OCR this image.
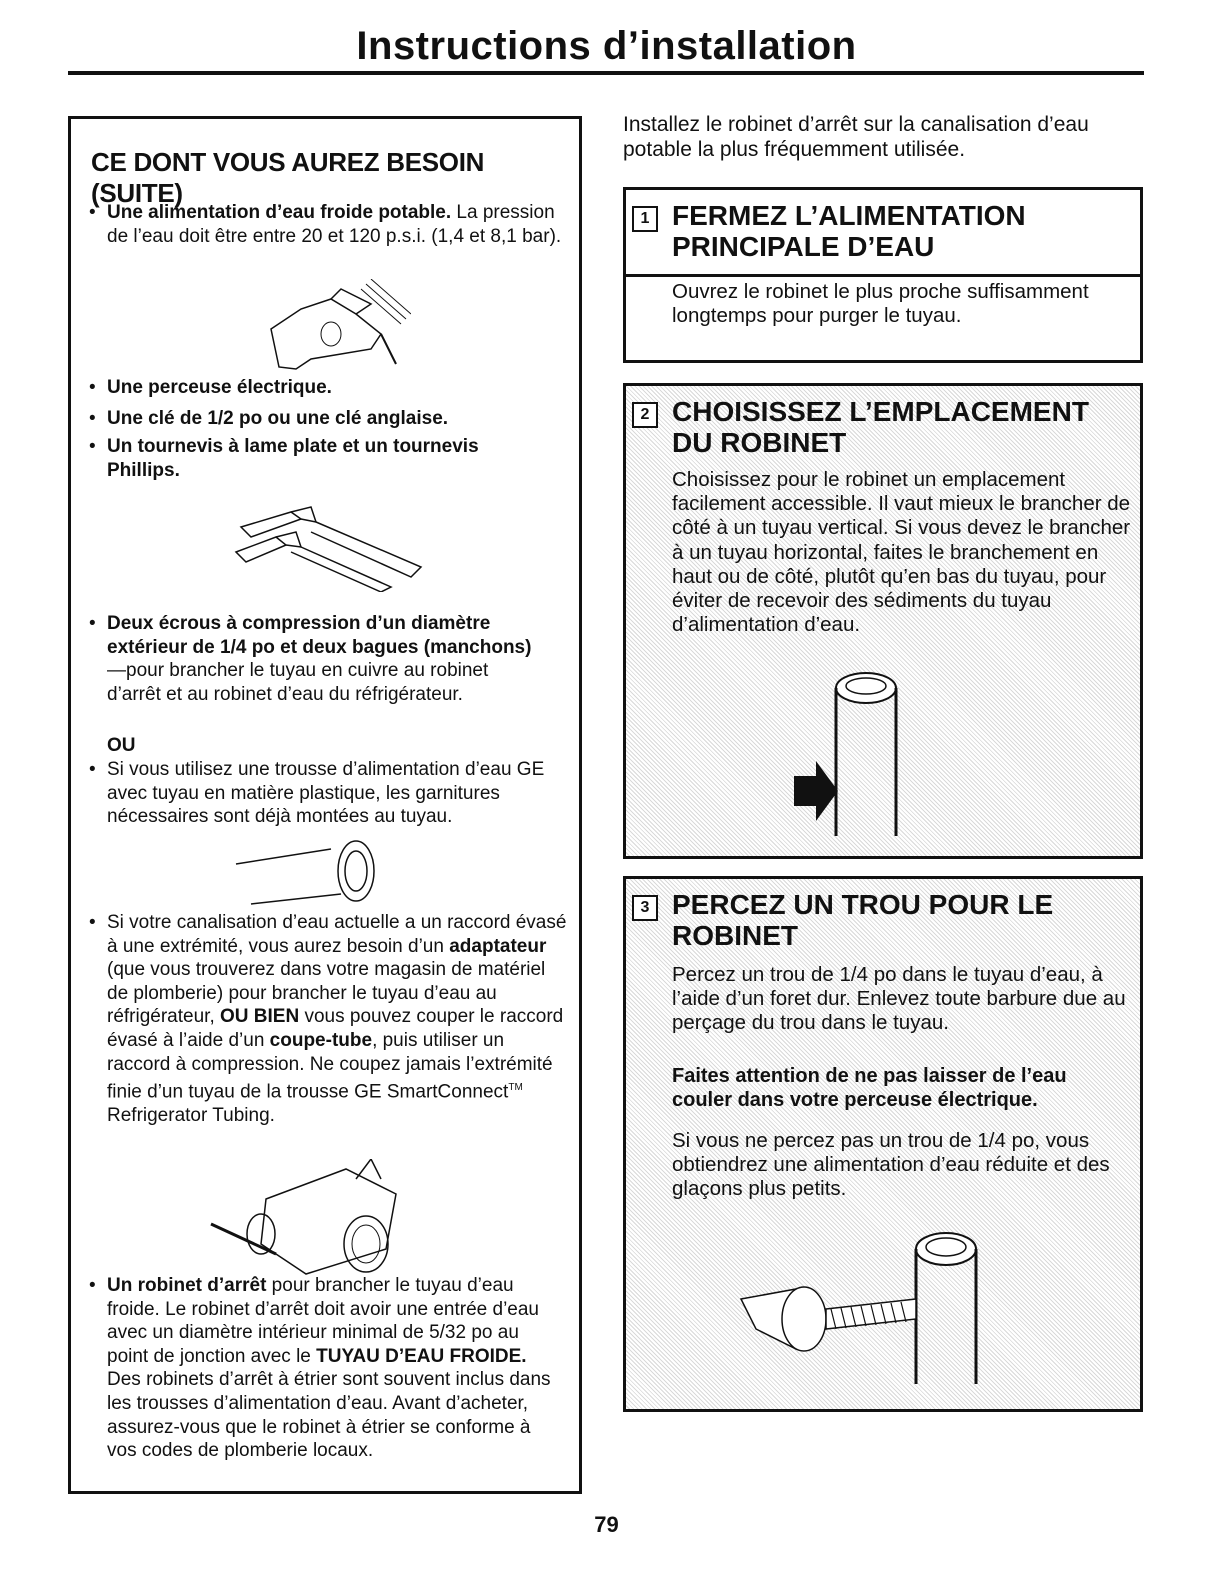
Instructions d’installation
CE DONT VOUS AUREZ BESOIN (SUITE)
• Une alimentation d’eau froide potable. La pression de l’eau doit être entre 20 et 120 p.s.i. (1,4 et 8,1 bar).
• Une perceuse électrique.
• Une clé de 1/2 po ou une clé anglaise.
• Un tournevis à lame plate et un tournevis Phillips.
• Deux écrous à compression d’un diamètre extérieur de 1/4 po et deux bagues (manchons)—pour brancher le tuyau en cuivre au robinet d’arrêt et au robinet d’eau du réfrigérateur.
OU
• Si vous utilisez une trousse d’alimentation d’eau GE avec tuyau en matière plastique, les garnitures nécessaires sont déjà montées au tuyau.
• Si votre canalisation d’eau actuelle a un raccord évasé à une extrémité, vous aurez besoin d’un adaptateur (que vous trouverez dans votre magasin de matériel de plomberie) pour brancher le tuyau d’eau au réfrigérateur, OU BIEN vous pouvez couper le raccord évasé à l’aide d’un coupe-tube, puis utiliser un raccord à compression. Ne coupez jamais l’extrémité finie d’un tuyau de la trousse GE SmartConnect™ Refrigerator Tubing.
• Un robinet d’arrêt pour brancher le tuyau d’eau froide. Le robinet d’arrêt doit avoir une entrée d’eau avec un diamètre intérieur minimal de 5/32 po au point de jonction avec le TUYAU D’EAU FROIDE. Des robinets d’arrêt à étrier sont souvent inclus dans les trousses d’alimentation d’eau. Avant d’acheter, assurez-vous que le robinet à étrier se conforme à vos codes de plomberie locaux.
Installez le robinet d’arrêt sur la canalisation d’eau potable la plus fréquemment utilisée.
1 FERMEZ L’ALIMENTATION PRINCIPALE D’EAU
Ouvrez le robinet le plus proche suffisamment longtemps pour purger le tuyau.
2 CHOISISSEZ L’EMPLACEMENT DU ROBINET
Choisissez pour le robinet un emplacement facilement accessible. Il vaut mieux le brancher de côté à un tuyau vertical. Si vous devez le brancher à un tuyau horizontal, faites le branchement en haut ou de côté, plutôt qu’en bas du tuyau, pour éviter de recevoir des sédiments du tuyau d’alimentation d’eau.
3 PERCEZ UN TROU POUR LE ROBINET
Percez un trou de 1/4 po dans le tuyau d’eau, à l’aide d’un foret dur. Enlevez toute barbure due au perçage du trou dans le tuyau.
Faites attention de ne pas laisser de l’eau couler dans votre perceuse électrique.
Si vous ne percez pas un trou de 1/4 po, vous obtiendrez une alimentation d’eau réduite et des glaçons plus petits.
79
